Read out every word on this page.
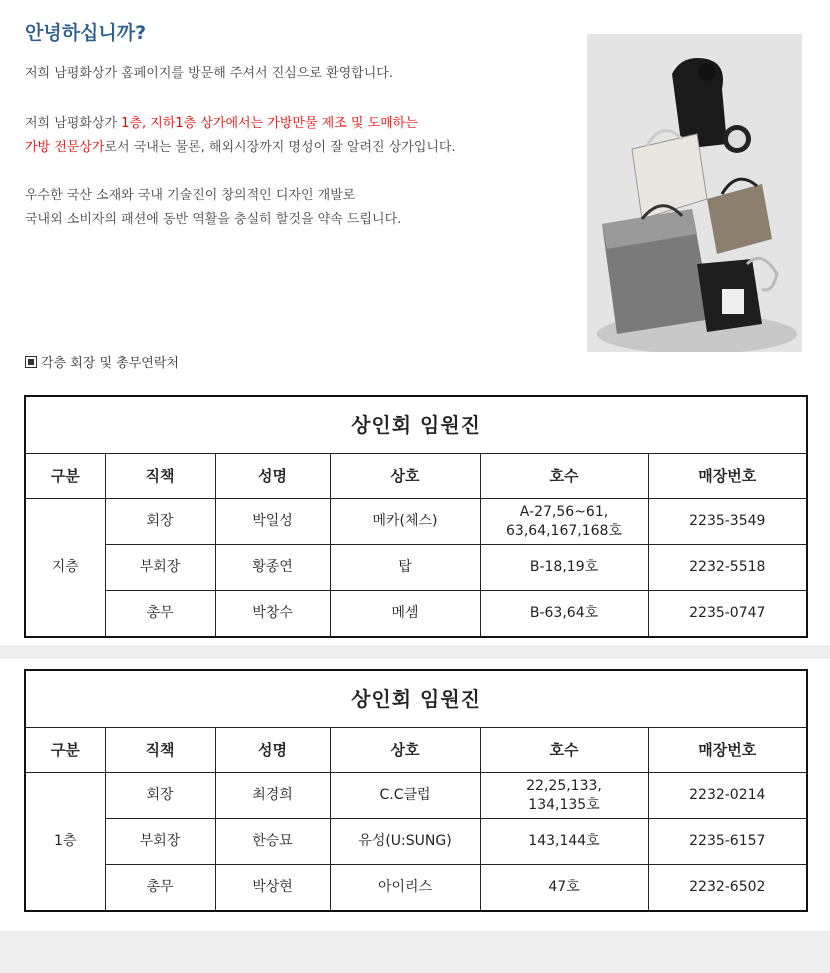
안녕하십니까?
저희 남평화상가 홈페이지를 방문해 주셔서 진심으로 환영합니다.
저희 남평화상가 1층, 지하1층 상가에서는 가방만물 제조 및 도매하는
가방 전문상가로서 국내는 물론, 해외시장까지 명성이 잘 알려진 상가입니다.
우수한 국산 소재와 국내 기술진이 창의적인 디자인 개발로
국내외 소비자의 패션에 동반 역활을 충실히 할것을 약속 드립니다.
각층 회장 및 총무연락처
상인회 임원진					
구분	직책	성명	상호	호수	매장번호
지층	회장	박일성	메카(체스)	A-27,56~61,
63,64,167,168호	2235-3549
	부회장	황종연	탑	B-18,19호	2232-5518
	총무	박창수	메셈	B-63,64호	2235-0747
상인회 임원진					
구분	직책	성명	상호	호수	매장번호
1층	회장	최경희	C.C클럽	22,25,133,
134,135호	2232-0214
	부회장	한승묘	유성(U:SUNG)	143,144호	2235-6157
	총무	박상현	아이리스	47호	2232-6502
